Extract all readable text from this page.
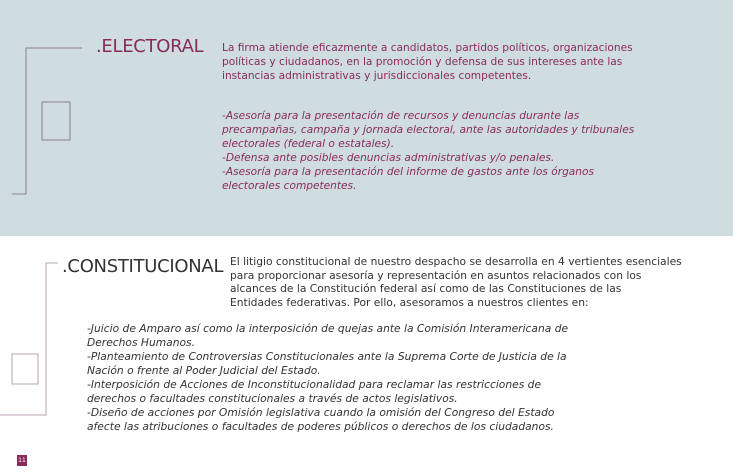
.ELECTORAL La firma atiende eficazmente a candidatos, partidos políticos, organizaciones
políticas y ciudadanos, en la promoción y defensa de sus intereses ante las
instancias administrativas y jurisdiccionales competentes.
-Asesoría para la presentación de recursos y denuncias durante las
precampañas, campaña y jornada electoral, ante las autoridades y tribunales
electorales (federal o estatales).
-Defensa ante posibles denuncias administrativas y/o penales.
-Asesoría para la presentación del informe de gastos ante los órganos
electorales competentes.
.CONSTITUCIONAL El litigio constitucional de nuestro despacho se desarrolla en 4 vertientes esenciales
para proporcionar asesoría y representación en asuntos relacionados con los
alcances de la Constitución federal así como de las Constituciones de las
Entidades federativas. Por ello, asesoramos a nuestros clientes en:
-Juicio de Amparo así como la interposición de quejas ante la Comisión Interamericana de
Derechos Humanos.
-Planteamiento de Controversias Constitucionales ante la Suprema Corte de Justicia de la
Nación o frente al Poder Judicial del Estado.
-Interposición de Acciones de Inconstitucionalidad para reclamar las restricciones de
derechos o facultades constitucionales a través de actos legislativos.
-Diseño de acciones por Omisión legislativa cuando la omisión del Congreso del Estado
afecte las atribuciones o facultades de poderes públicos o derechos de los ciudadanos.
11
